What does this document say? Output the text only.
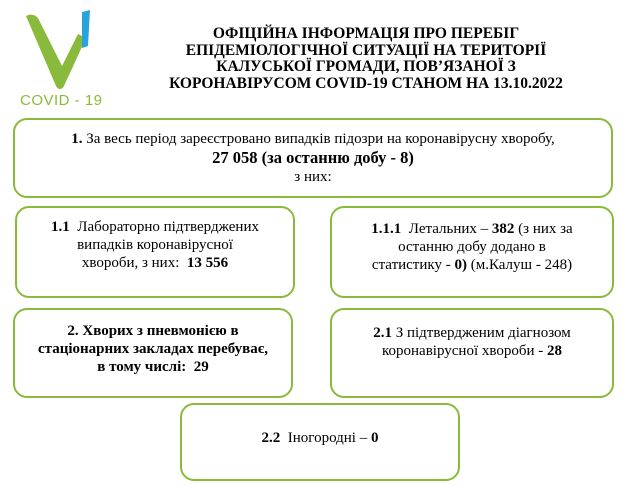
COVID - 19
ОФІЦІЙНА ІНФОРМАЦІЯ ПРО ПЕРЕБІГ
ЕПІДЕМІОЛОГІЧНОЇ СИТУАЦІЇ НА ТЕРИТОРІЇ
КАЛУСЬКОЇ ГРОМАДИ, ПОВ’ЯЗАНОЇ З
КОРОНАВІРУСОМ COVID-19 СТАНОМ НА 13.10.2022
1. За весь період зареєстровано випадків підозри на коронавірусну хворобу,
27 058 (за останню добу - 8)
з них:
1.1  Лабораторно підтверджених
випадків коронавірусної
хвороби, з них:  13 556
1.1.1  Летальних – 382 (з них за
останню добу додано в
статистику - 0) (м.Калуш - 248)
2. Хворих з пневмонією в
стаціонарних закладах перебуває,
в тому числі:  29
2.1 З підтвердженим діагнозом
коронавірусної хвороби - 28
2.2  Іногородні – 0
